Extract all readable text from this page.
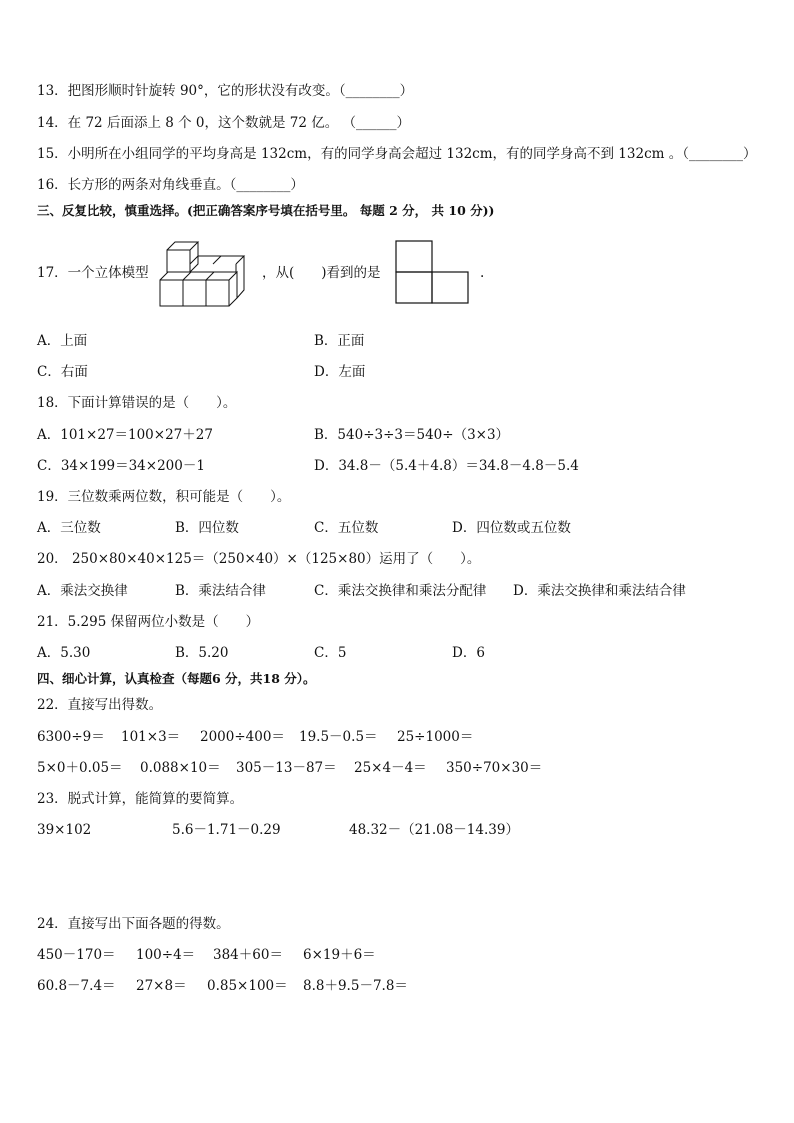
13．把图形顺时针旋转 90°，它的形状没有改变。（________）
14．在 72 后面添上 8 个 0，这个数就是 72 亿。 （______）
15．小明所在小组同学的平均身高是 132cm，有的同学身高会超过 132cm，有的同学身高不到 132cm 。（________）
16．长方形的两条对角线垂直。（________）
三、反复比较，慎重选择。(把正确答案序号填在括号里。 每题 2 分， 共 10 分))
17．一个立体模型	，从(　　)看到的是	.
A．上面	B．正面
C．右面	D．左面
18．下面计算错误的是（　　）。
A．101×27＝100×27＋27	B．540÷3÷3＝540÷（3×3）
C．34×199＝34×200－1	D．34.8－（5.4＋4.8）＝34.8－4.8－5.4
19．三位数乘两位数，积可能是（　　）。
A．三位数	B．四位数	C．五位数	D．四位数或五位数
20． 250×80×40×125＝（250×40）×（125×80）运用了（　　）。
A．乘法交换律	B．乘法结合律	C．乘法交换律和乘法分配律 D．乘法交换律和乘法结合律
21．5.295 保留两位小数是（　　）
A．5.30	B．5.20	C．5	D．6
四、细心计算，认真检查（每题6 分，共18 分）。
22．直接写出得数。
6300÷9＝ 101×3＝ 2000÷400＝ 19.5－0.5＝ 25÷1000＝
5×0＋0.05＝ 0.088×10＝ 305－13－87＝ 25×4－4＝ 350÷70×30＝
23．脱式计算，能简算的要简算。
39×102	5.6－1.71－0.29	48.32－（21.08－14.39）
24．直接写出下面各题的得数。
450－170＝ 100÷4＝ 384＋60＝ 6×19＋6＝
60.8－7.4＝ 27×8＝ 0.85×100＝ 8.8＋9.5－7.8＝
